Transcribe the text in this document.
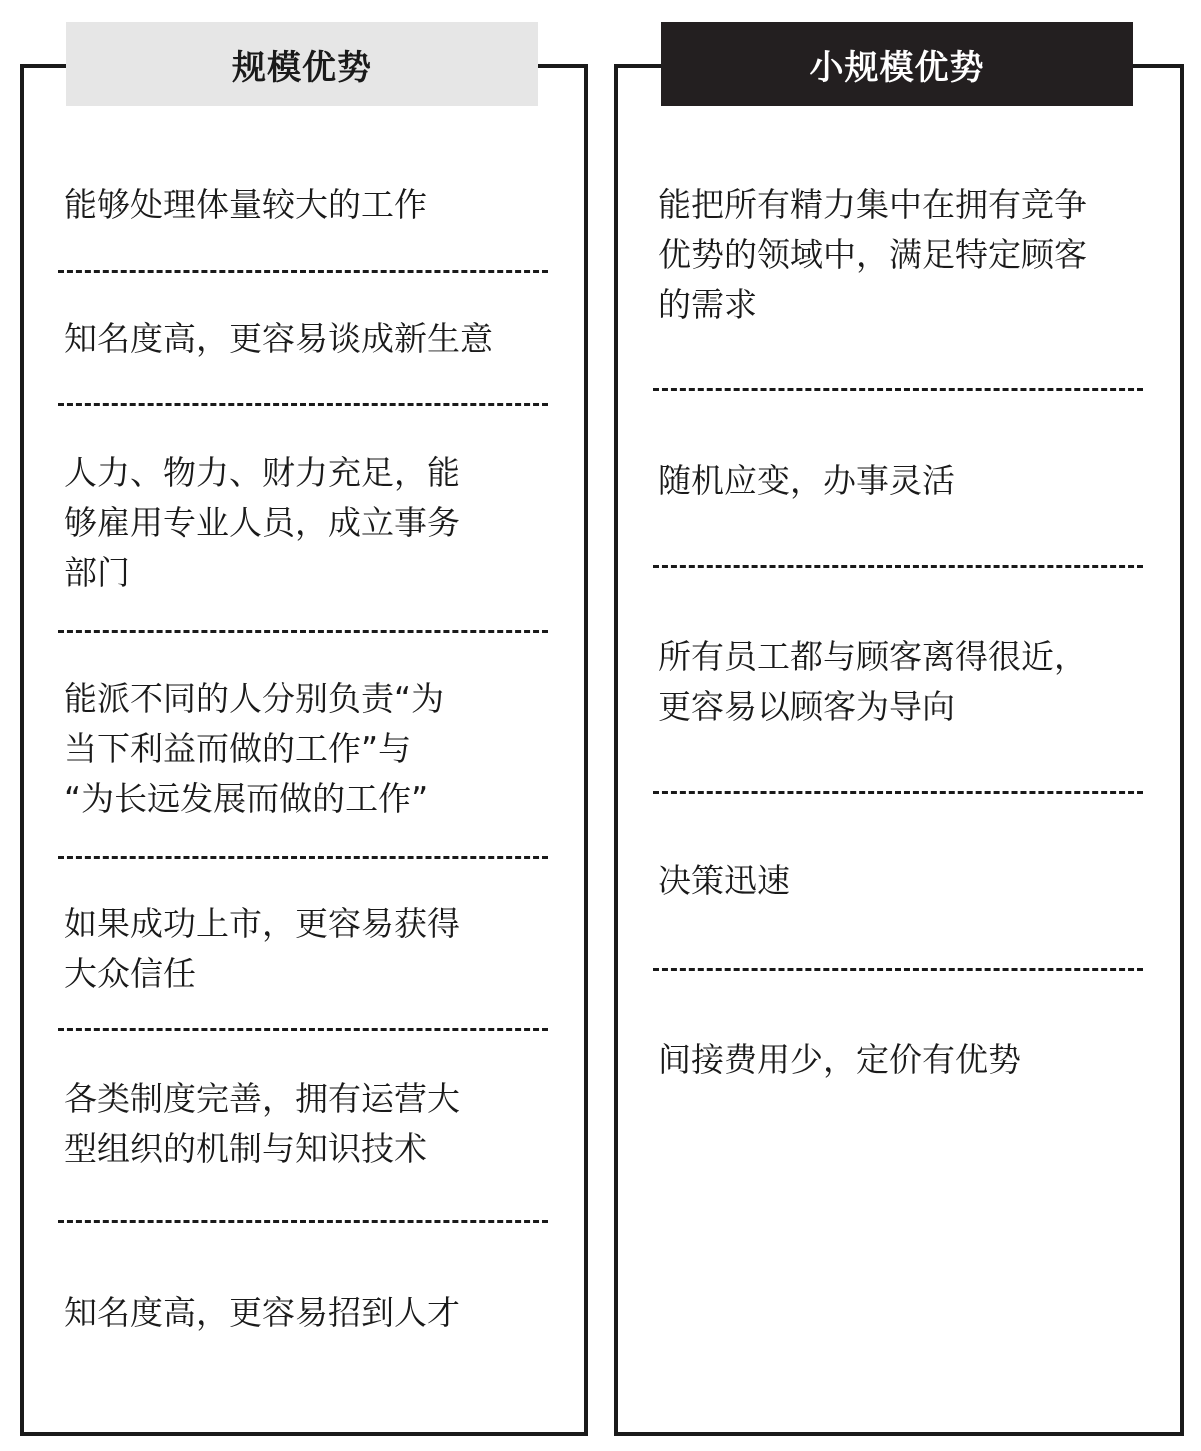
规模优势	小规模优势
能够处理体量较大的工作
知名度高，更容易谈成新生意
人力、物力、财力充足，能
够雇用专业人员，成立事务
部门
能派不同的人分别负责“为
当下利益而做的工作”与
“为长远发展而做的工作”
如果成功上市，更容易获得
大众信任
各类制度完善，拥有运营大
型组织的机制与知识技术
知名度高，更容易招到人才
能把所有精力集中在拥有竞争
优势的领域中，满足特定顾客
的需求
随机应变，办事灵活
所有员工都与顾客离得很近，
更容易以顾客为导向
决策迅速
间接费用少，定价有优势
